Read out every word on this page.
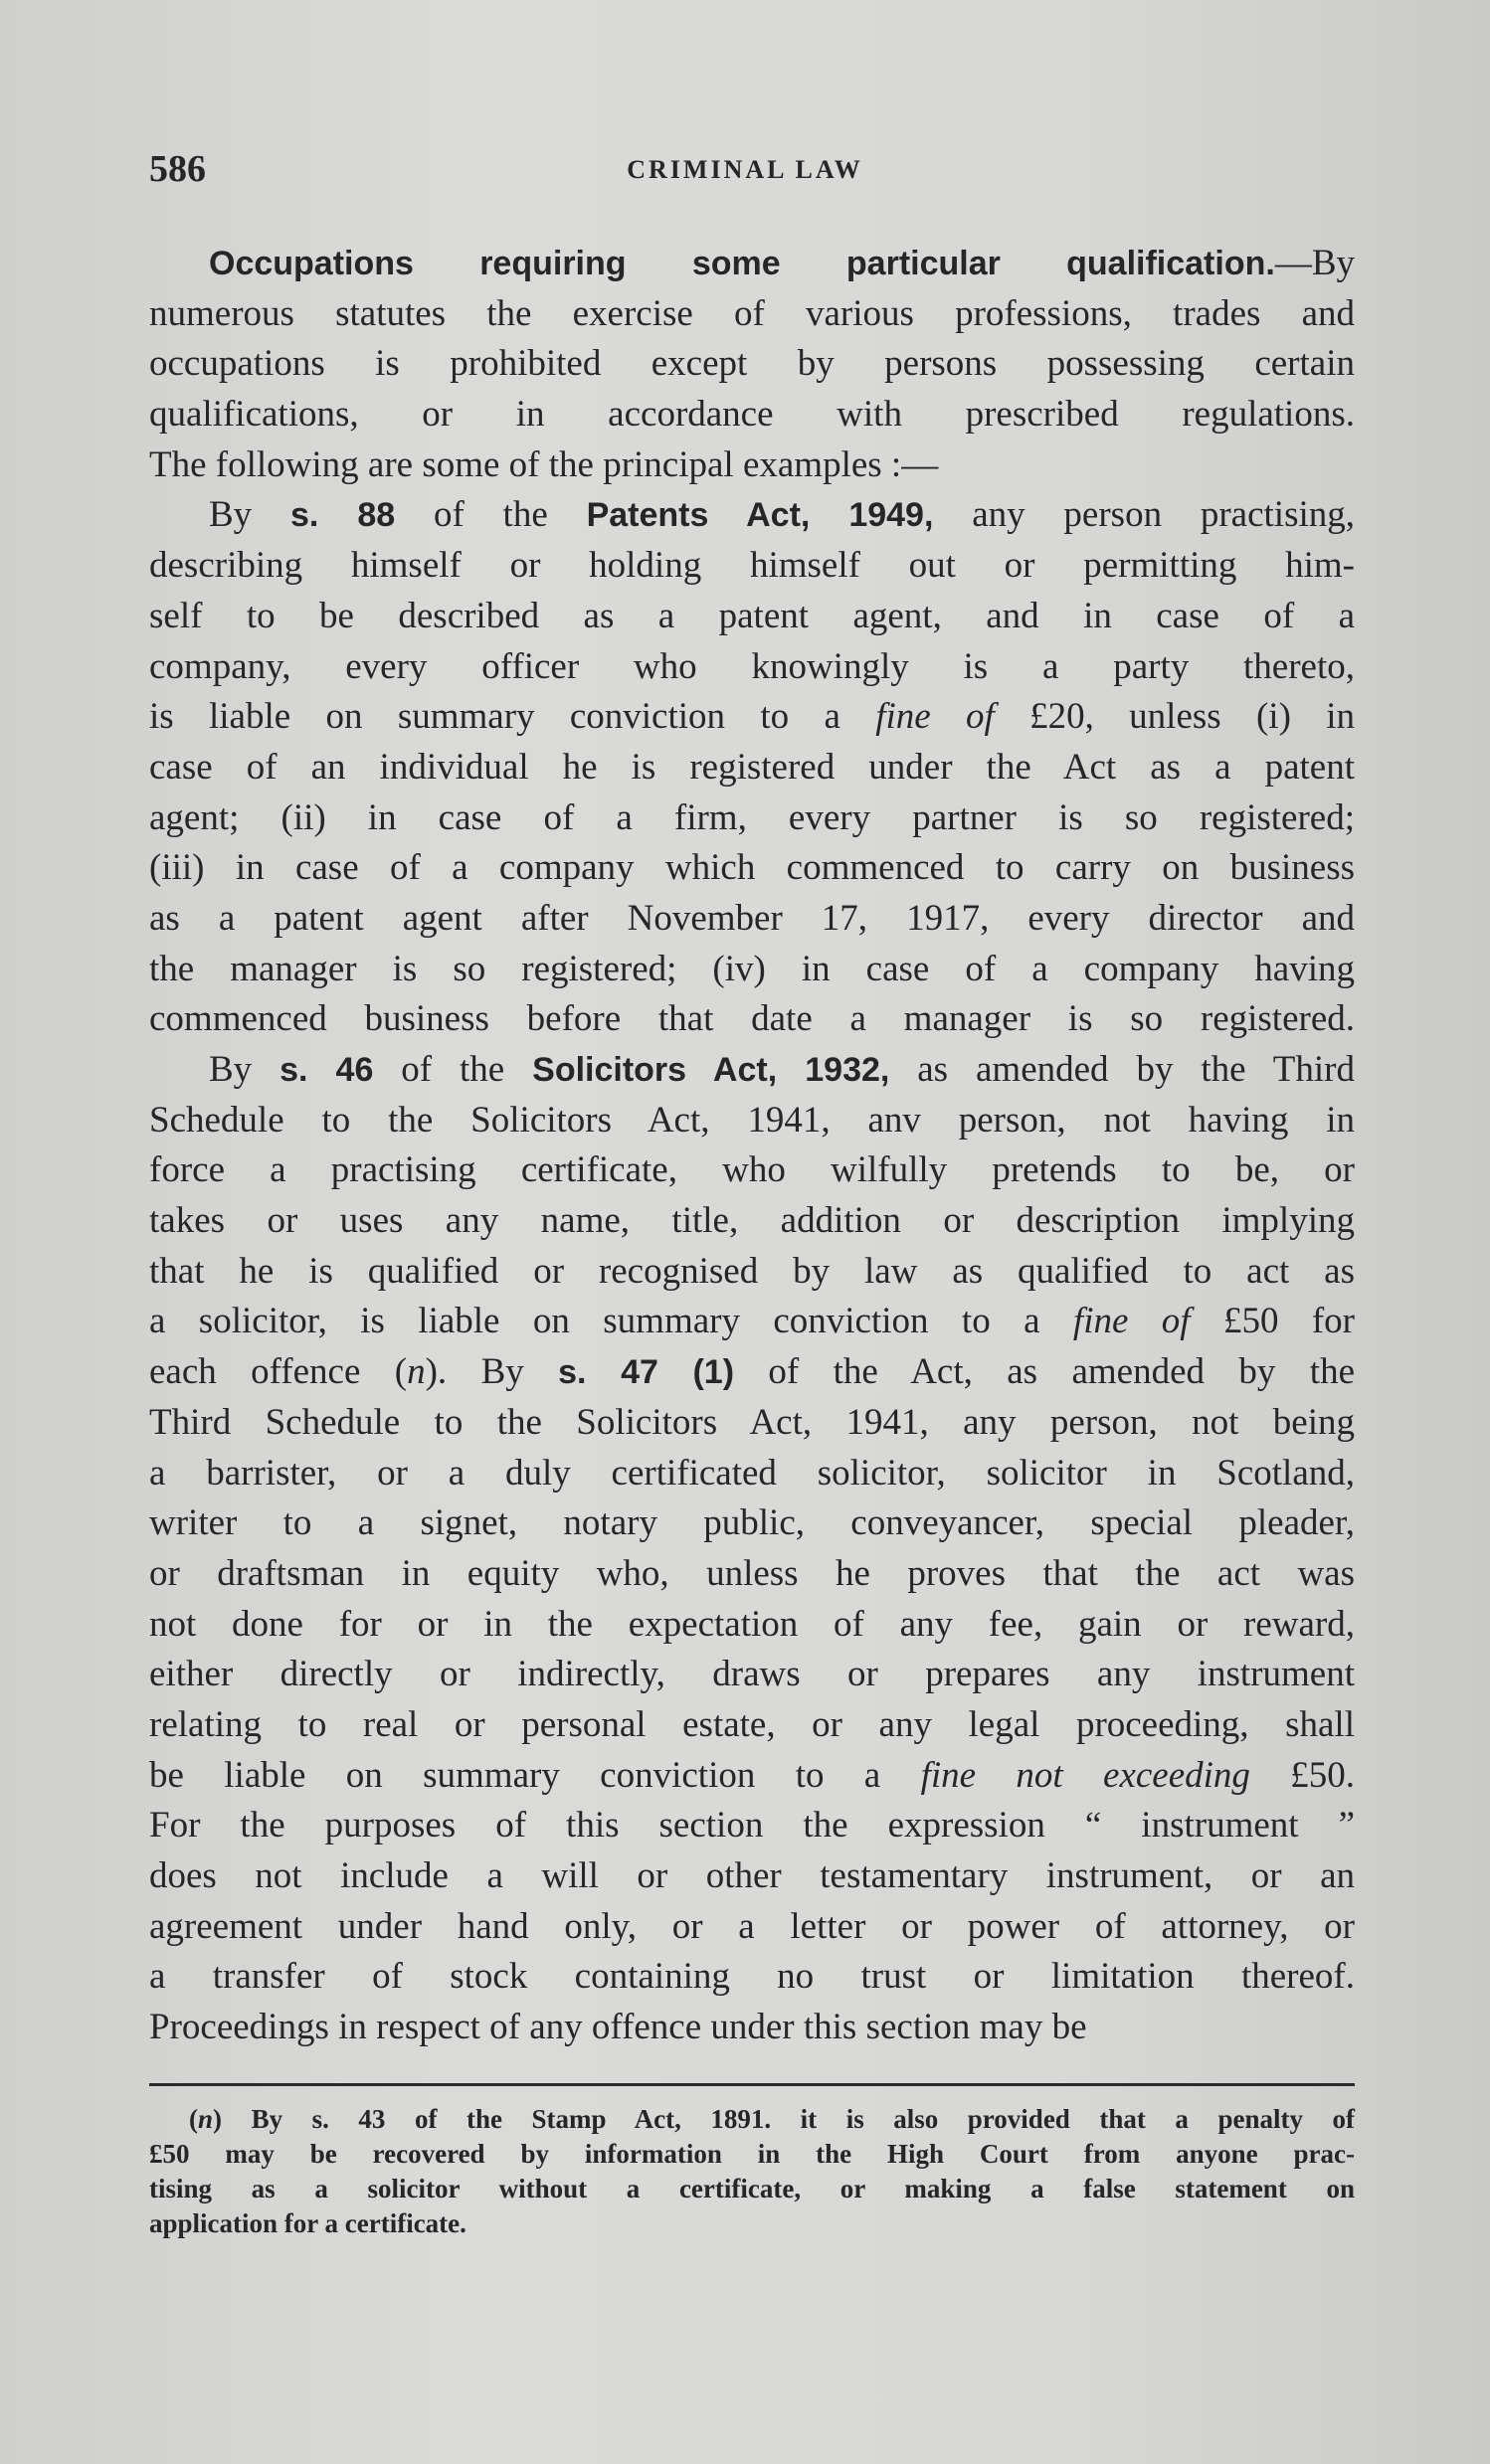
586	CRIMINAL LAW
Occupations requiring some particular qualification.—By
numerous statutes the exercise of various professions, trades and
occupations is prohibited except by persons possessing certain
qualifications, or in accordance with prescribed regulations.
The following are some of the principal examples :—
By s. 88 of the Patents Act, 1949, any person practising,
describing himself or holding himself out or permitting him-
self to be described as a patent agent, and in case of a
company, every officer who knowingly is a party thereto,
is liable on summary conviction to a fine of £20, unless (i) in
case of an individual he is registered under the Act as a patent
agent; (ii) in case of a firm, every partner is so registered;
(iii) in case of a company which commenced to carry on business
as a patent agent after November 17, 1917, every director and
the manager is so registered; (iv) in case of a company having
commenced business before that date a manager is so registered.
By s. 46 of the Solicitors Act, 1932, as amended by the Third
Schedule to the Solicitors Act, 1941, anv person, not having in
force a practising certificate, who wilfully pretends to be, or
takes or uses any name, title, addition or description implying
that he is qualified or recognised by law as qualified to act as
a solicitor, is liable on summary conviction to a fine of £50 for
each offence (n). By s. 47 (1) of the Act, as amended by the
Third Schedule to the Solicitors Act, 1941, any person, not being
a barrister, or a duly certificated solicitor, solicitor in Scotland,
writer to a signet, notary public, conveyancer, special pleader,
or draftsman in equity who, unless he proves that the act was
not done for or in the expectation of any fee, gain or reward,
either directly or indirectly, draws or prepares any instrument
relating to real or personal estate, or any legal proceeding, shall
be liable on summary conviction to a fine not exceeding £50.
For the purposes of this section the expression “ instrument ”
does not include a will or other testamentary instrument, or an
agreement under hand only, or a letter or power of attorney, or
a transfer of stock containing no trust or limitation thereof.
Proceedings in respect of any offence under this section may be
(n) By s. 43 of the Stamp Act, 1891. it is also provided that a penalty of
£50 may be recovered by information in the High Court from anyone prac-
tising as a solicitor without a certificate, or making a false statement on
application for a certificate.
